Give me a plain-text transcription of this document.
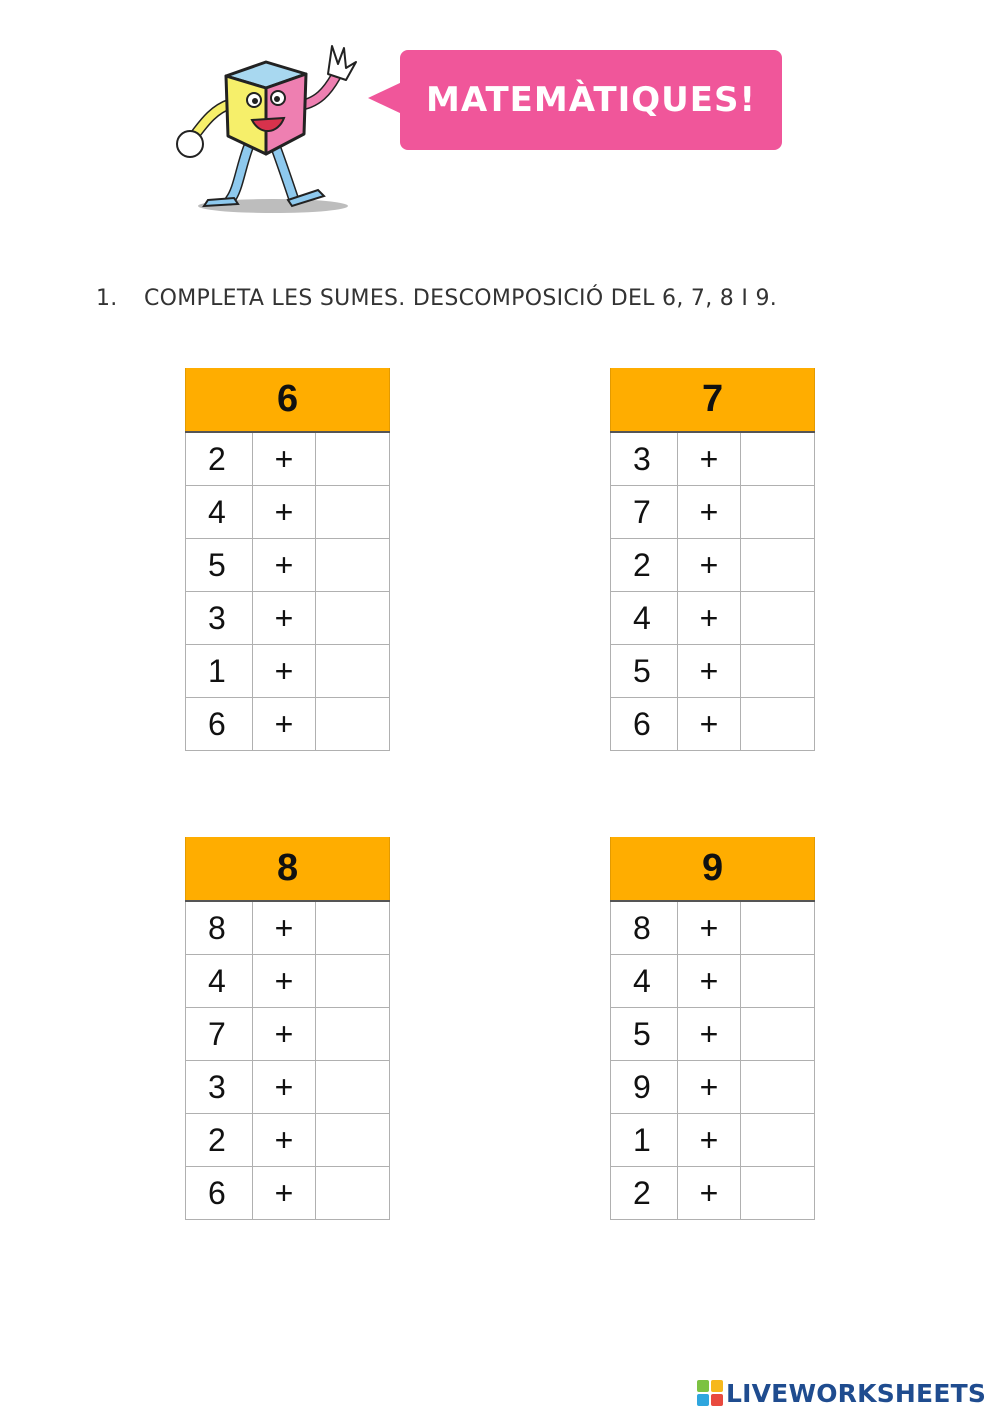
MATEMÀTIQUES!
1. COMPLETA LES SUMES. DESCOMPOSICIÓ DEL 6, 7, 8 I 9.
6		
2	+	
4	+	
5	+	
3	+	
1	+	
6	+	
7		
3	+	
7	+	
2	+	
4	+	
5	+	
6	+	
8		
8	+	
4	+	
7	+	
3	+	
2	+	
6	+	
9		
8	+	
4	+	
5	+	
9	+	
1	+	
2	+	
LIVEWORKSHEETS
